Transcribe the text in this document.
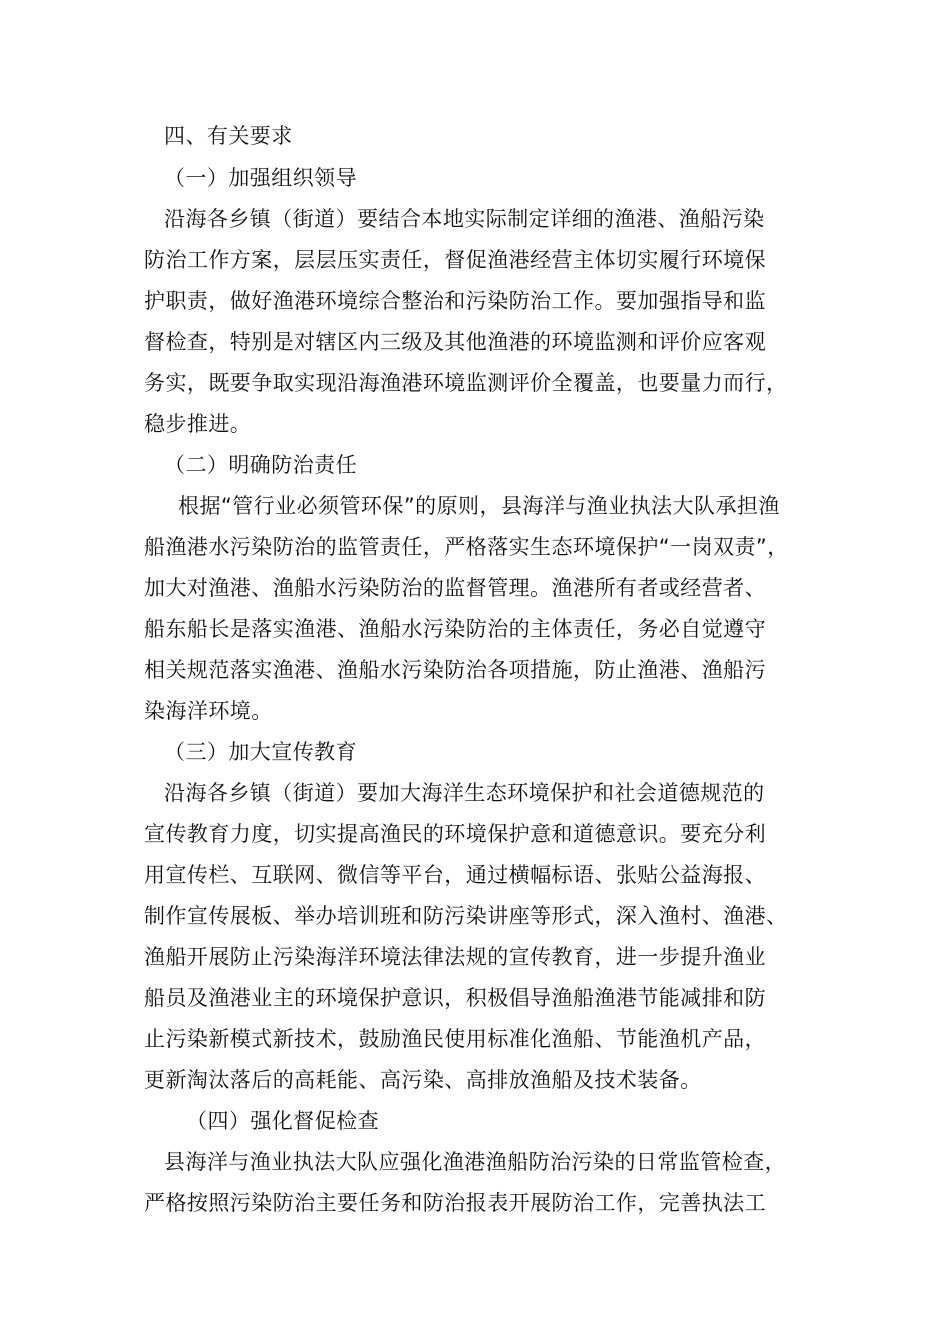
四、有关要求

（一）加强组织领导

沿海各乡镇（街道）要结合本地实际制定详细的渔港、渔船污染

防治工作方案，层层压实责任，督促渔港经营主体切实履行环境保

护职责，做好渔港环境综合整治和污染防治工作。要加强指导和监

督检查，特别是对辖区内三级及其他渔港的环境监测和评价应客观

务实，既要争取实现沿海渔港环境监测评价全覆盖，也要量力而行，

稳步推进。

（二）明确防治责任

根据“管行业必须管环保”的原则，县海洋与渔业执法大队承担渔

船渔港水污染防治的监管责任，严格落实生态环境保护“一岗双责”，

加大对渔港、渔船水污染防治的监督管理。渔港所有者或经营者、

船东船长是落实渔港、渔船水污染防治的主体责任，务必自觉遵守

相关规范落实渔港、渔船水污染防治各项措施，防止渔港、渔船污

染海洋环境。

（三）加大宣传教育

沿海各乡镇（街道）要加大海洋生态环境保护和社会道德规范的

宣传教育力度，切实提高渔民的环境保护意和道德意识。要充分利

用宣传栏、互联网、微信等平台，通过横幅标语、张贴公益海报、

制作宣传展板、举办培训班和防污染讲座等形式，深入渔村、渔港、

渔船开展防止污染海洋环境法律法规的宣传教育，进一步提升渔业

船员及渔港业主的环境保护意识，积极倡导渔船渔港节能减排和防

止污染新模式新技术，鼓励渔民使用标准化渔船、节能渔机产品，

更新淘汰落后的高耗能、高污染、高排放渔船及技术装备。

（四）强化督促检查

县海洋与渔业执法大队应强化渔港渔船防治污染的日常监管检查，

严格按照污染防治主要任务和防治报表开展防治工作，完善执法工
